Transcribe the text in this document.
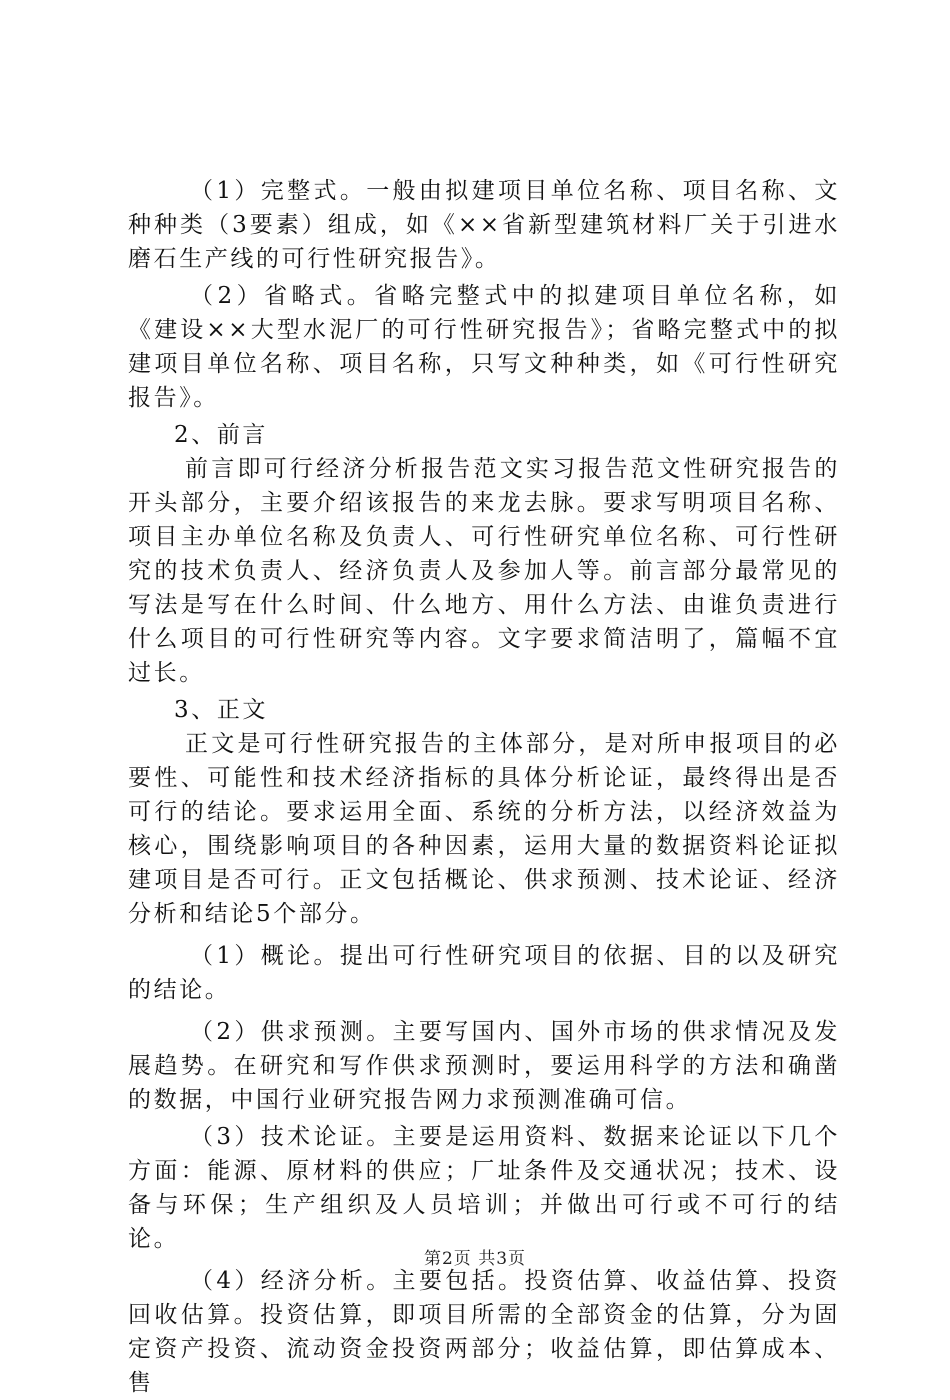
（1）完整式。一般由拟建项目单位名称、项目名称、文种种类（3要素）组成，如《××省新型建筑材料厂关于引进水磨石生产线的可行性研究报告》。

（2）省略式。省略完整式中的拟建项目单位名称，如《建设××大型水泥厂的可行性研究报告》；省略完整式中的拟建项目单位名称、项目名称，只写文种种类，如《可行性研究报告》。

2、前言

前言即可行经济分析报告范文实习报告范文性研究报告的开头部分，主要介绍该报告的来龙去脉。要求写明项目名称、项目主办单位名称及负责人、可行性研究单位名称、可行性研究的技术负责人、经济负责人及参加人等。前言部分最常见的写法是写在什么时间、什么地方、用什么方法、由谁负责进行什么项目的可行性研究等内容。文字要求简洁明了，篇幅不宜过长。

3、正文

正文是可行性研究报告的主体部分，是对所申报项目的必要性、可能性和技术经济指标的具体分析论证，最终得出是否可行的结论。要求运用全面、系统的分析方法，以经济效益为核心，围绕影响项目的各种因素，运用大量的数据资料论证拟建项目是否可行。正文包括概论、供求预测、技术论证、经济分析和结论5个部分。

（1）概论。提出可行性研究项目的依据、目的以及研究的结论。

（2）供求预测。主要写国内、国外市场的供求情况及发展趋势。在研究和写作供求预测时，要运用科学的方法和确凿的数据，中国行业研究报告网力求预测准确可信。

（3）技术论证。主要是运用资料、数据来论证以下几个方面：能源、原材料的供应；厂址条件及交通状况；技术、设备与环保；生产组织及人员培训；并做出可行或不可行的结论。

（4）经济分析。主要包括。投资估算、收益估算、投资回收估算。投资估算，即项目所需的全部资金的估算，分为固定资产投资、流动资金投资两部分；收益估算，即估算成本、售

第2页 共3页
